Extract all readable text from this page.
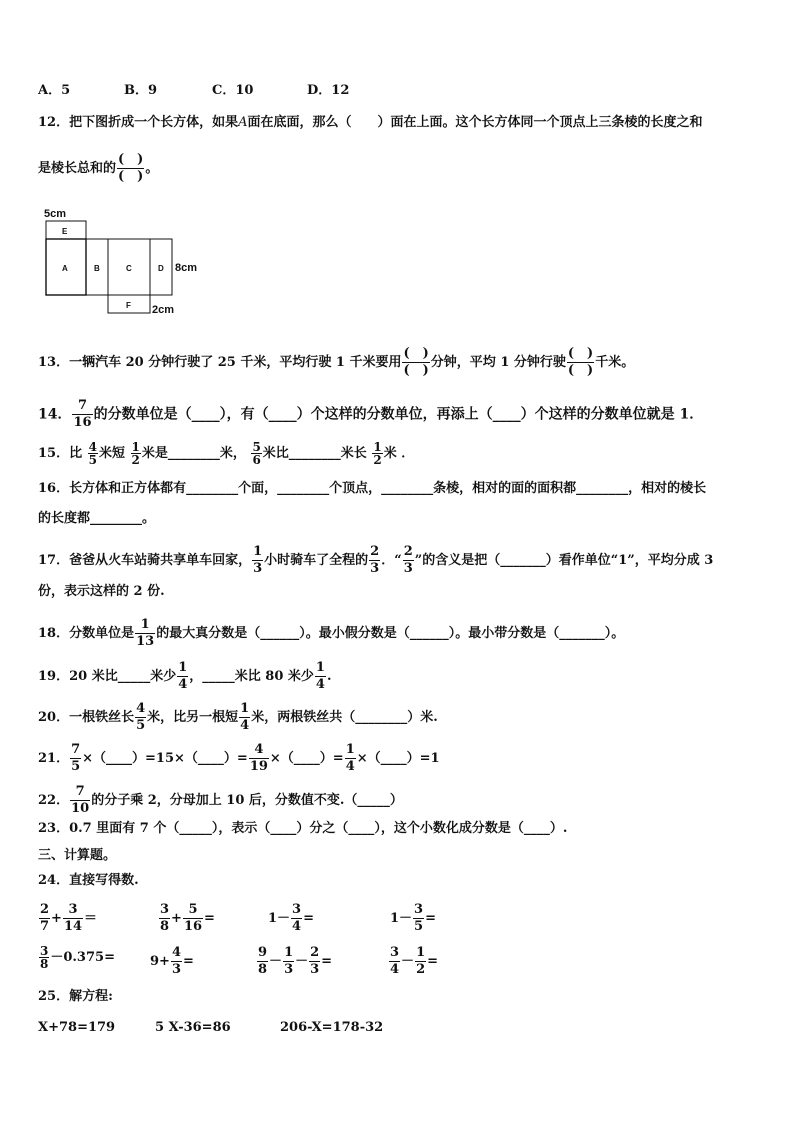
A．5	B．9	C．10	D．12
12．把下图折成一个长方体，如果A面在底面，那么（　　）面在上面。这个长方体同一个顶点上三条棱的长度之和
是棱长总和的
(　)
(　)
。
5cm
E
A	B	C	D
F
8cm
2cm
13．一辆汽车 20 分钟行驶了 25 千米，平均行驶 1 千米要用
(　)
(　)
分钟，平均 1 分钟行驶
(　)
(　)
千米。
14． $\frac{7}{16}$ 的分数单位是（____），有（____）个这样的分数单位，再添上（____）个这样的分数单位就是 1．
15．比 $\frac{4}{5}$ 米短 $\frac{1}{2}$ 米是________米， $\frac{5}{6}$ 米比________米长 $\frac{1}{2}$ 米 ．
16．长方体和正方体都有________个面，________个顶点，________条棱，相对的面的面积都________，相对的棱长
的长度都________。
17．爸爸从火车站骑共享单车回家， $\frac{1}{3}$ 小时骑车了全程的 $\frac{2}{3}$ ．“ $\frac{2}{3}$ ”的含义是把（_______）看作单位“1”，平均分成 3
份，表示这样的 2 份.
18．分数单位是 $\frac{1}{13}$ 的最大真分数是（______）。最小假分数是（______）。最小带分数是（_______）。
19．20 米比_____米少 $\frac{1}{4}$ ，_____米比 80 米少 $\frac{1}{4}$ .
20．一根铁丝长 $\frac{4}{5}$ 米，比另一根短 $\frac{1}{4}$ 米，两根铁丝共（________）米.
21． $\frac{7}{5}$ ×（____）=15×（____）= $\frac{4}{19}$ ×（____）= $\frac{1}{4}$ ×（____）=1
22． $\frac{7}{10}$ 的分子乘 2，分母加上 10 后，分数值不变.（_____）
23．0.7 里面有 7 个（_____），表示（____）分之（____），这个小数化成分数是（____）.
三、计算题。
24．直接写得数.
$\frac{2}{7} + \frac{3}{14}$ ＝	$\frac{3}{8} + \frac{5}{16}$ =	$1- \frac{3}{4}$ =	$1- \frac{3}{5}$ =
$\frac{3}{8} -0.375=$	$9+ \frac{4}{3}$ =	$\frac{9}{8} - \frac{1}{3} - \frac{2}{3}$ =	$\frac{3}{4} - \frac{1}{2}$ =
25．解方程:
X+78=179	5 X-36=86	206-X=178-32
